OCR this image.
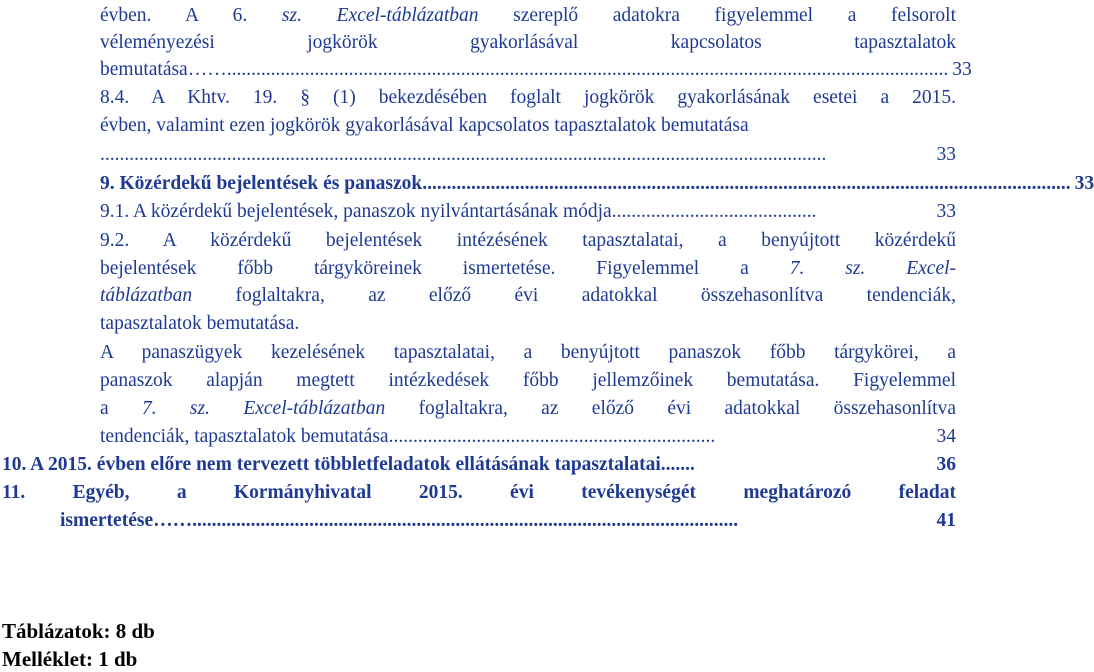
évben. A 6. sz. Excel-táblázatban szereplő adatokra figyelemmel a felsorolt
véleményezési jogkörök gyakorlásával kapcsolatos tapasztalatok
bemutatása…… .................................................................................................................................................... 33
8.4. A Khtv. 19. § (1) bekezdésében foglalt jogkörök gyakorlásának esetei a 2015.
évben, valamint ezen jogkörök gyakorlásával kapcsolatos tapasztalatok bemutatása
.....................................................................................................................................................	33
9. Közérdekű bejelentések és panaszok ..................................................................................................................................... 33
9.1. A közérdekű bejelentések, panaszok nyilvántartásának módja ..........................................	33
9.2. A közérdekű bejelentések intézésének tapasztalatai, a benyújtott közérdekű
bejelentések főbb tárgyköreinek ismertetése. Figyelemmel a 7. sz. Excel-
táblázatban foglaltakra, az előző évi adatokkal összehasonlítva tendenciák,
tapasztalatok bemutatása.
A panaszügyek kezelésének tapasztalatai, a benyújtott panaszok főbb tárgykörei, a
panaszok alapján megtett intézkedések főbb jellemzőinek bemutatása. Figyelemmel
a 7. sz. Excel-táblázatban foglaltakra, az előző évi adatokkal összehasonlítva
tendenciák, tapasztalatok bemutatása ...................................................................	34
10. A 2015. évben előre nem tervezett többletfeladatok ellátásának tapasztalatai .......	36
11. Egyéb, a Kormányhivatal 2015. évi tevékenységét meghatározó feladat
ismertetése…… ................................................................................................................	41
Táblázatok: 8 db
Melléklet: 1 db
